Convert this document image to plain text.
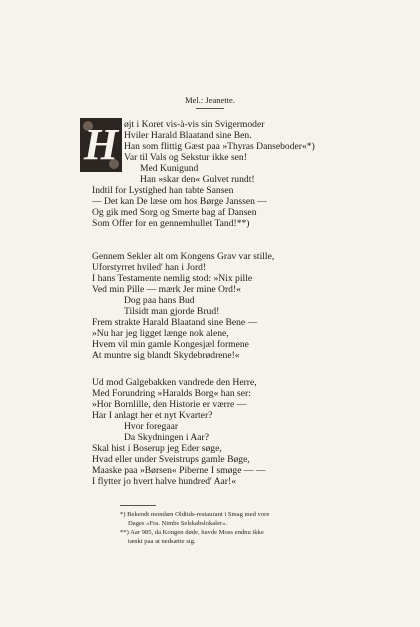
Mel.: Jeanette.
H øjt i Koret vis-à-vis sin Svigermoder
Hviler Harald Blaatand sine Ben.
Han som flittig Gæst paa »Thyras Danseboder«*)
Var til Vals og Sekstur ikke sen!
Med Kunigund
Han »skar den« Gulvet rundt!
Indtil for Lystighed han tabte Sansen
— Det kan De læse om hos Børge Janssen —
Og gik med Sorg og Smerte bag af Dansen
Som Offer for en gennemhullet Tand!**)
Gennem Sekler alt om Kongens Grav var stille,
Uforstyrret hviled' han i Jord!
I hans Testamente nemlig stod: »Nix pille
Ved min Pille — mærk Jer mine Ord!«
Dog paa hans Bud
Tilsidt man gjorde Brud!
Frem strakte Harald Blaatand sine Bene —
»Nu har jeg ligget længe nok alene,
Hvem vil min gamle Kongesjæl formene
At muntre sig blandt Skydebrødrene!«
Ud mod Galgebakken vandrede den Herre,
Med Forundring »Haralds Borg« han ser:
»Hor Bornlille, den Historie er værre —
Har I anlagt her et nyt Kvarter?
Hvor foregaar
Da Skydningen i Aar?
Skal hist i Boserup jeg Eder søge,
Hvad eller under Sveistrups gamle Bøge,
Maaske paa »Børsen« Piberne I smøge — —
I flytter jo hvert halve hundred' Aar!«
*) Bekendt mondæn Oldtids-restaurant i Smag med vore
Dages »Fra. Nimbs Selskabslokaler«.
**) Aar 985, da Kongen døde, havde Moss endnu ikke
tænkt paa at nedsætte sig.
